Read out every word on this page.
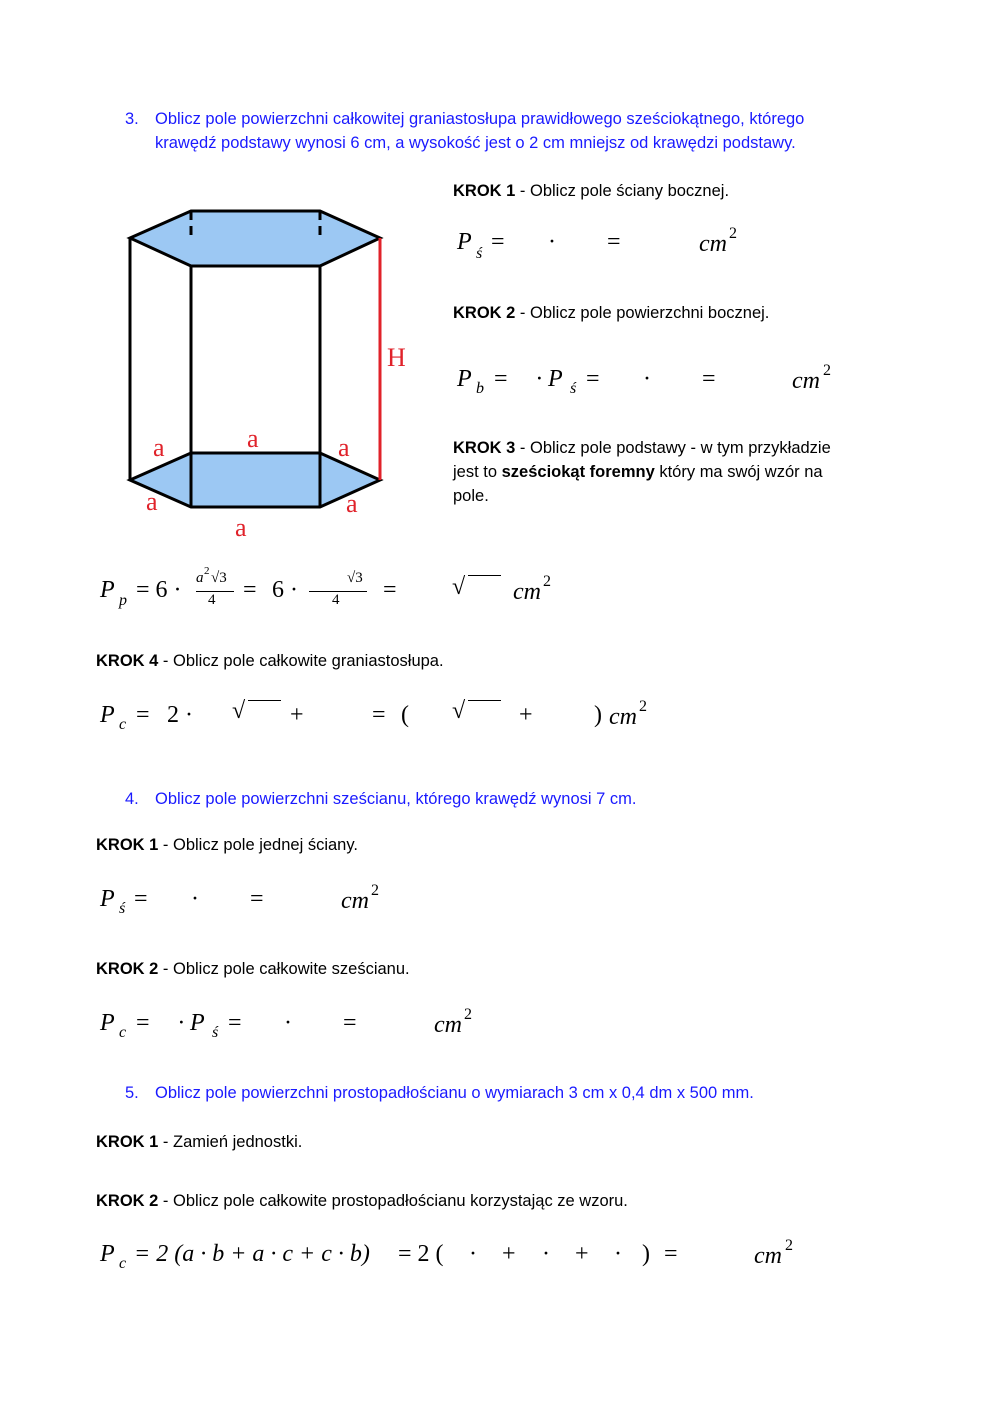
3. Oblicz pole powierzchni całkowitej graniastosłupa prawidłowego sześciokątnego, którego
krawędź podstawy wynosi 6 cm, a wysokość jest o 2 cm mniejsz od krawędzi podstawy.
H
a	a	a
a	a
a
KROK 1 - Oblicz pole ściany bocznej.
P ś = · =	cm 2
KROK 2 - Oblicz pole powierzchni bocznej.
P b = · P ś = · =	cm 2
KROK 3 - Oblicz pole podstawy - w tym przykładzie
jest to sześciokąt foremny który ma swój wzór na
pole.
P p = 6 · a 2 √3
4 = 6 ·	√3
4 = √ cm 2
KROK 4 - Oblicz pole całkowite graniastosłupa.
P c = 2 · √ +	= ( √ +	) cm 2
4. Oblicz pole powierzchni sześcianu, którego krawędź wynosi 7 cm.
KROK 1 - Oblicz pole jednej ściany.
P ś = · =	cm 2
KROK 2 - Oblicz pole całkowite sześcianu.
P c = · P ś = · =	cm 2
5. Oblicz pole powierzchni prostopadłościanu o wymiarach 3 cm x 0,4 dm x 500 mm.
KROK 1 - Zamień jednostki.
KROK 2 - Oblicz pole całkowite prostopadłościanu korzystając ze wzoru.
P c = 2 (a · b + a · c + c · b) = 2 ( · + · + · ) =	cm 2
